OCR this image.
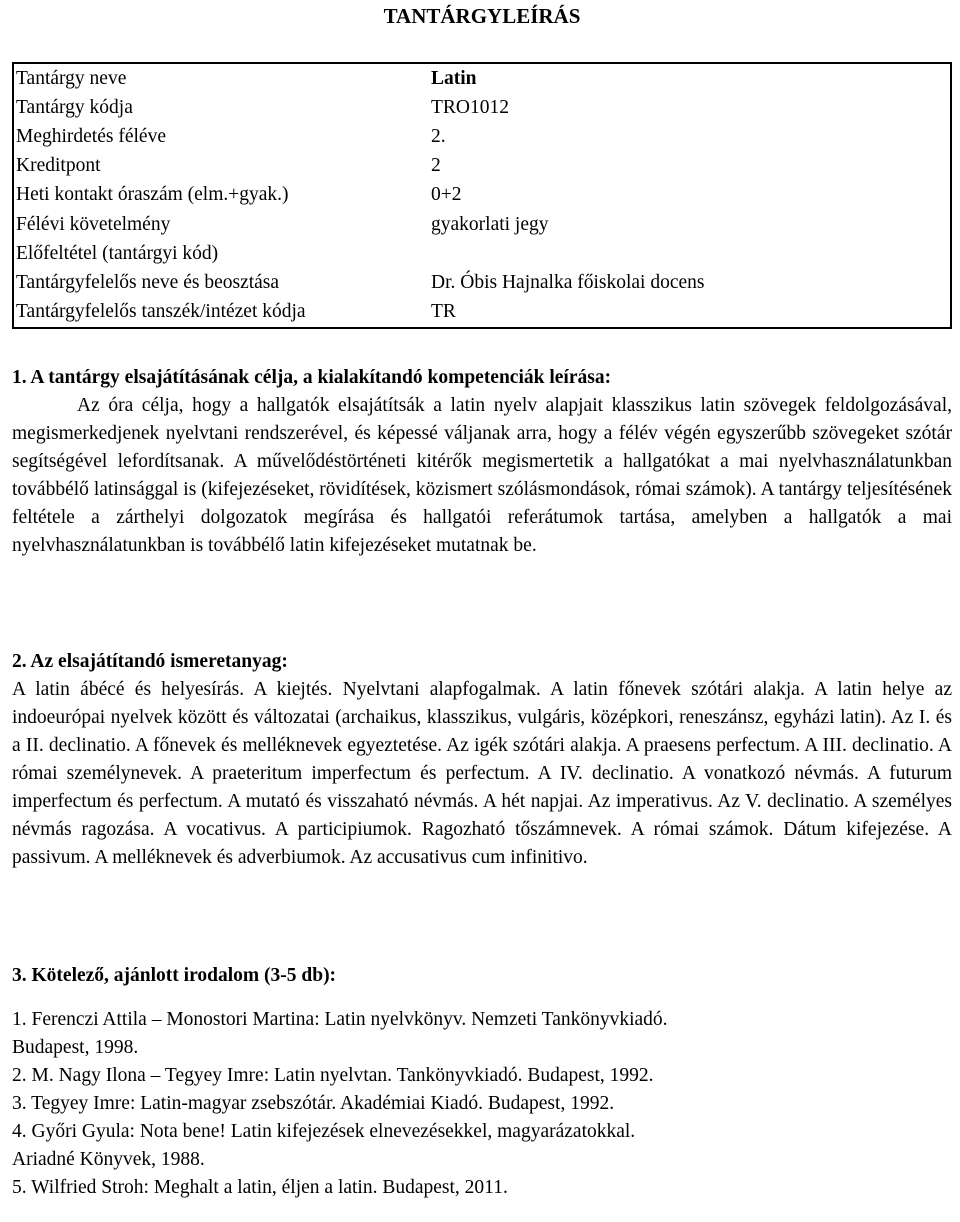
TANTÁRGYLEÍRÁS
Tantárgy neve	Latin
Tantárgy kódja	TRO1012
Meghirdetés féléve	2.
Kreditpont	2
Heti kontakt óraszám (elm.+gyak.)	0+2
Félévi követelmény	gyakorlati jegy
Előfeltétel (tantárgyi kód)	
Tantárgyfelelős neve és beosztása	Dr. Óbis Hajnalka főiskolai docens
Tantárgyfelelős tanszék/intézet kódja	TR
1. A tantárgy elsajátításának célja, a kialakítandó kompetenciák leírása:

Az óra célja, hogy a hallgatók elsajátítsák a latin nyelv alapjait klasszikus latin szövegek feldolgozásával, megismerkedjenek nyelvtani rendszerével, és képessé váljanak arra, hogy a félév végén egyszerűbb szövegeket szótár segítségével lefordítsanak. A művelődéstörténeti kitérők megismertetik a hallgatókat a mai nyelvhasználatunkban továbbélő latinsággal is (kifejezéseket, rövidítések, közismert szólásmondások, római számok). A tantárgy teljesítésének feltétele a zárthelyi dolgozatok megírása és hallgatói referátumok tartása, amelyben a hallgatók a mai nyelvhasználatunkban is továbbélő latin kifejezéseket mutatnak be.

2. Az elsajátítandó ismeretanyag:

A latin ábécé és helyesírás. A kiejtés. Nyelvtani alapfogalmak. A latin főnevek szótári alakja. A latin helye az indoeurópai nyelvek között és változatai (archaikus, klasszikus, vulgáris, középkori, reneszánsz, egyházi latin). Az I. és a II. declinatio. A főnevek és melléknevek egyeztetése. Az igék szótári alakja. A praesens perfectum. A III. declinatio. A római személynevek. A praeteritum imperfectum és perfectum. A IV. declinatio. A vonatkozó névmás. A futurum imperfectum és perfectum. A mutató és visszaható névmás. A hét napjai. Az imperativus. Az V. declinatio. A személyes névmás ragozása. A vocativus. A participiumok. Ragozható tőszámnevek. A római számok. Dátum kifejezése. A passivum. A melléknevek és adverbiumok. Az accusativus cum infinitivo.

3. Kötelező, ajánlott irodalom (3-5 db):

1. Ferenczi Attila – Monostori Martina: Latin nyelvkönyv. Nemzeti Tankönyvkiadó.

Budapest, 1998.

2. M. Nagy Ilona – Tegyey Imre: Latin nyelvtan. Tankönyvkiadó. Budapest, 1992.

3. Tegyey Imre: Latin-magyar zsebszótár. Akadémiai Kiadó. Budapest, 1992.

4. Győri Gyula: Nota bene! Latin kifejezések elnevezésekkel, magyarázatokkal.

Ariadné Könyvek, 1988.

5. Wilfried Stroh: Meghalt a latin, éljen a latin. Budapest, 2011.
